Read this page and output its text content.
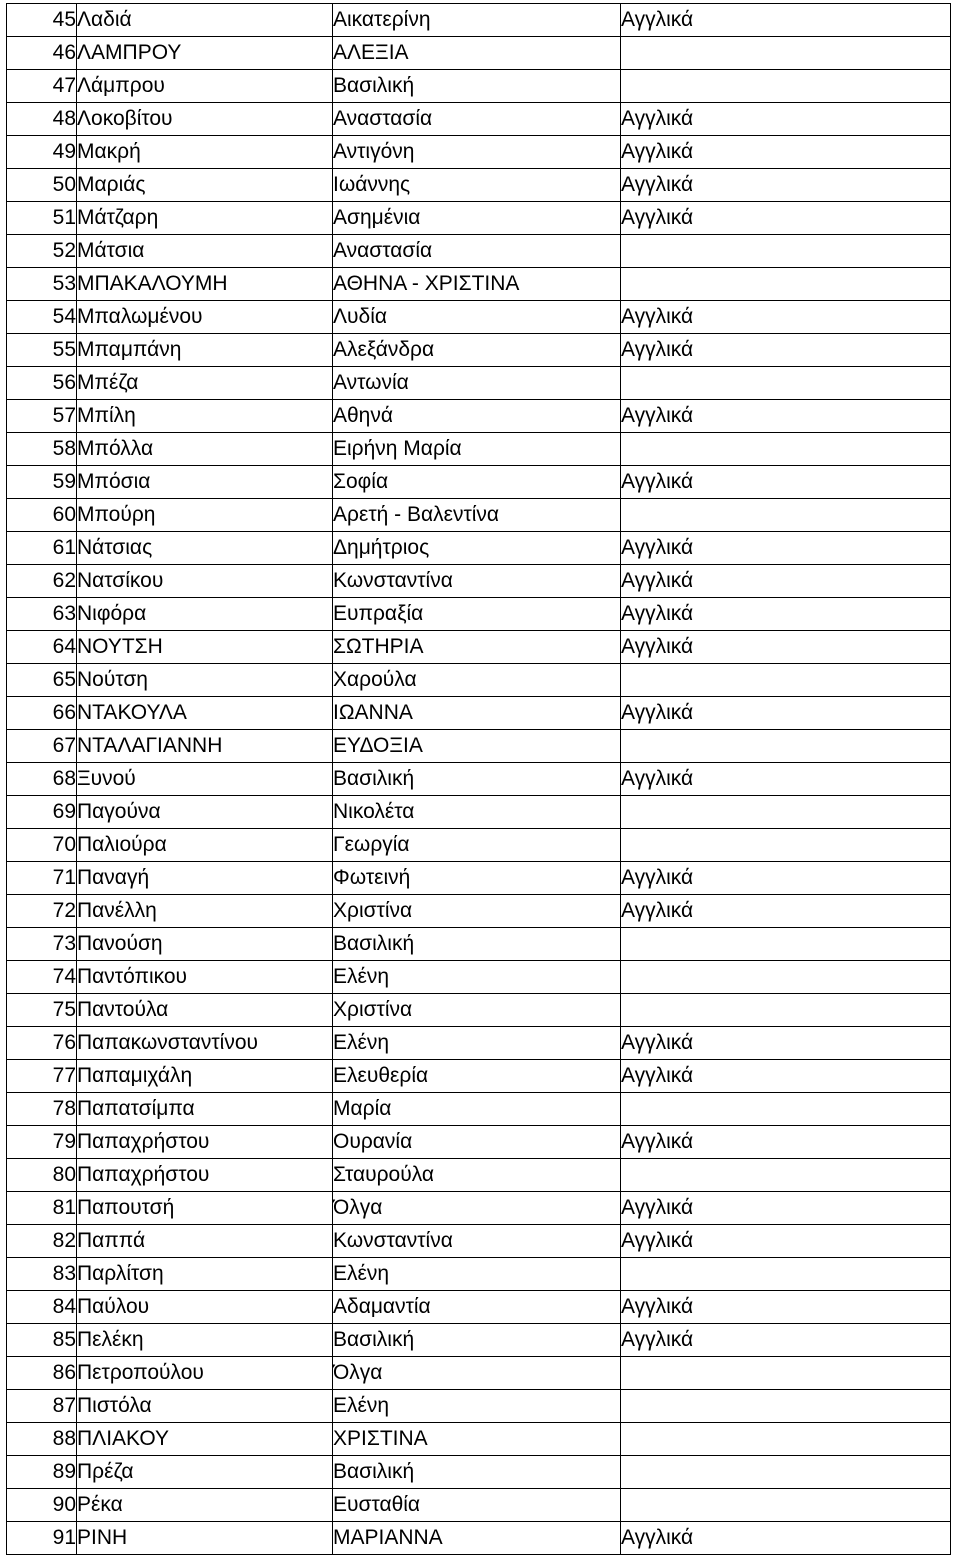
45	Λαδιά	Αικατερίνη	Αγγλικά
46	ΛΑΜΠΡΟΥ	ΑΛΕΞΙΑ	
47	Λάμπρου	Βασιλική	
48	Λοκοβίτου	Αναστασία	Αγγλικά
49	Μακρή	Αντιγόνη	Αγγλικά
50	Μαριάς	Ιωάννης	Αγγλικά
51	Μάτζαρη	Ασημένια	Αγγλικά
52	Μάτσια	Αναστασία	
53	ΜΠΑΚΑΛΟΥΜΗ	ΑΘΗΝΑ - ΧΡΙΣΤΙΝΑ	
54	Μπαλωμένου	Λυδία	Αγγλικά
55	Μπαμπάνη	Αλεξάνδρα	Αγγλικά
56	Μπέζα	Αντωνία	
57	Μπίλη	Αθηνά	Αγγλικά
58	Μπόλλα	Ειρήνη Μαρία	
59	Μπόσια	Σοφία	Αγγλικά
60	Μπούρη	Αρετή - Βαλεντίνα	
61	Νάτσιας	Δημήτριος	Αγγλικά
62	Νατσίκου	Κωνσταντίνα	Αγγλικά
63	Νιφόρα	Ευπραξία	Αγγλικά
64	ΝΟΥΤΣΗ	ΣΩΤΗΡΙΑ	Αγγλικά
65	Νούτση	Χαρούλα	
66	ΝΤΑΚΟΥΛΑ	ΙΩΑΝΝΑ	Αγγλικά
67	ΝΤΑΛΑΓΙΑΝΝΗ	ΕΥΔΟΞΙΑ	
68	Ξυνού	Βασιλική	Αγγλικά
69	Παγούνα	Νικολέτα	
70	Παλιούρα	Γεωργία	
71	Παναγή	Φωτεινή	Αγγλικά
72	Πανέλλη	Χριστίνα	Αγγλικά
73	Πανούση	Βασιλική	
74	Παντόπικου	Ελένη	
75	Παντούλα	Χριστίνα	
76	Παπακωνσταντίνου	Ελένη	Αγγλικά
77	Παπαμιχάλη	Ελευθερία	Αγγλικά
78	Παπατσίμπα	Μαρία	
79	Παπαχρήστου	Ουρανία	Αγγλικά
80	Παπαχρήστου	Σταυρούλα	
81	Παπουτσή	Όλγα	Αγγλικά
82	Παππά	Κωνσταντίνα	Αγγλικά
83	Παρλίτση	Ελένη	
84	Παύλου	Αδαμαντία	Αγγλικά
85	Πελέκη	Βασιλική	Αγγλικά
86	Πετροπούλου	Όλγα	
87	Πιστόλα	Ελένη	
88	ΠΛΙΑΚΟΥ	ΧΡΙΣΤΙΝΑ	
89	Πρέζα	Βασιλική	
90	Ρέκα	Ευσταθία	
91	ΡΙΝΗ	ΜΑΡΙΑΝΝΑ	Αγγλικά
